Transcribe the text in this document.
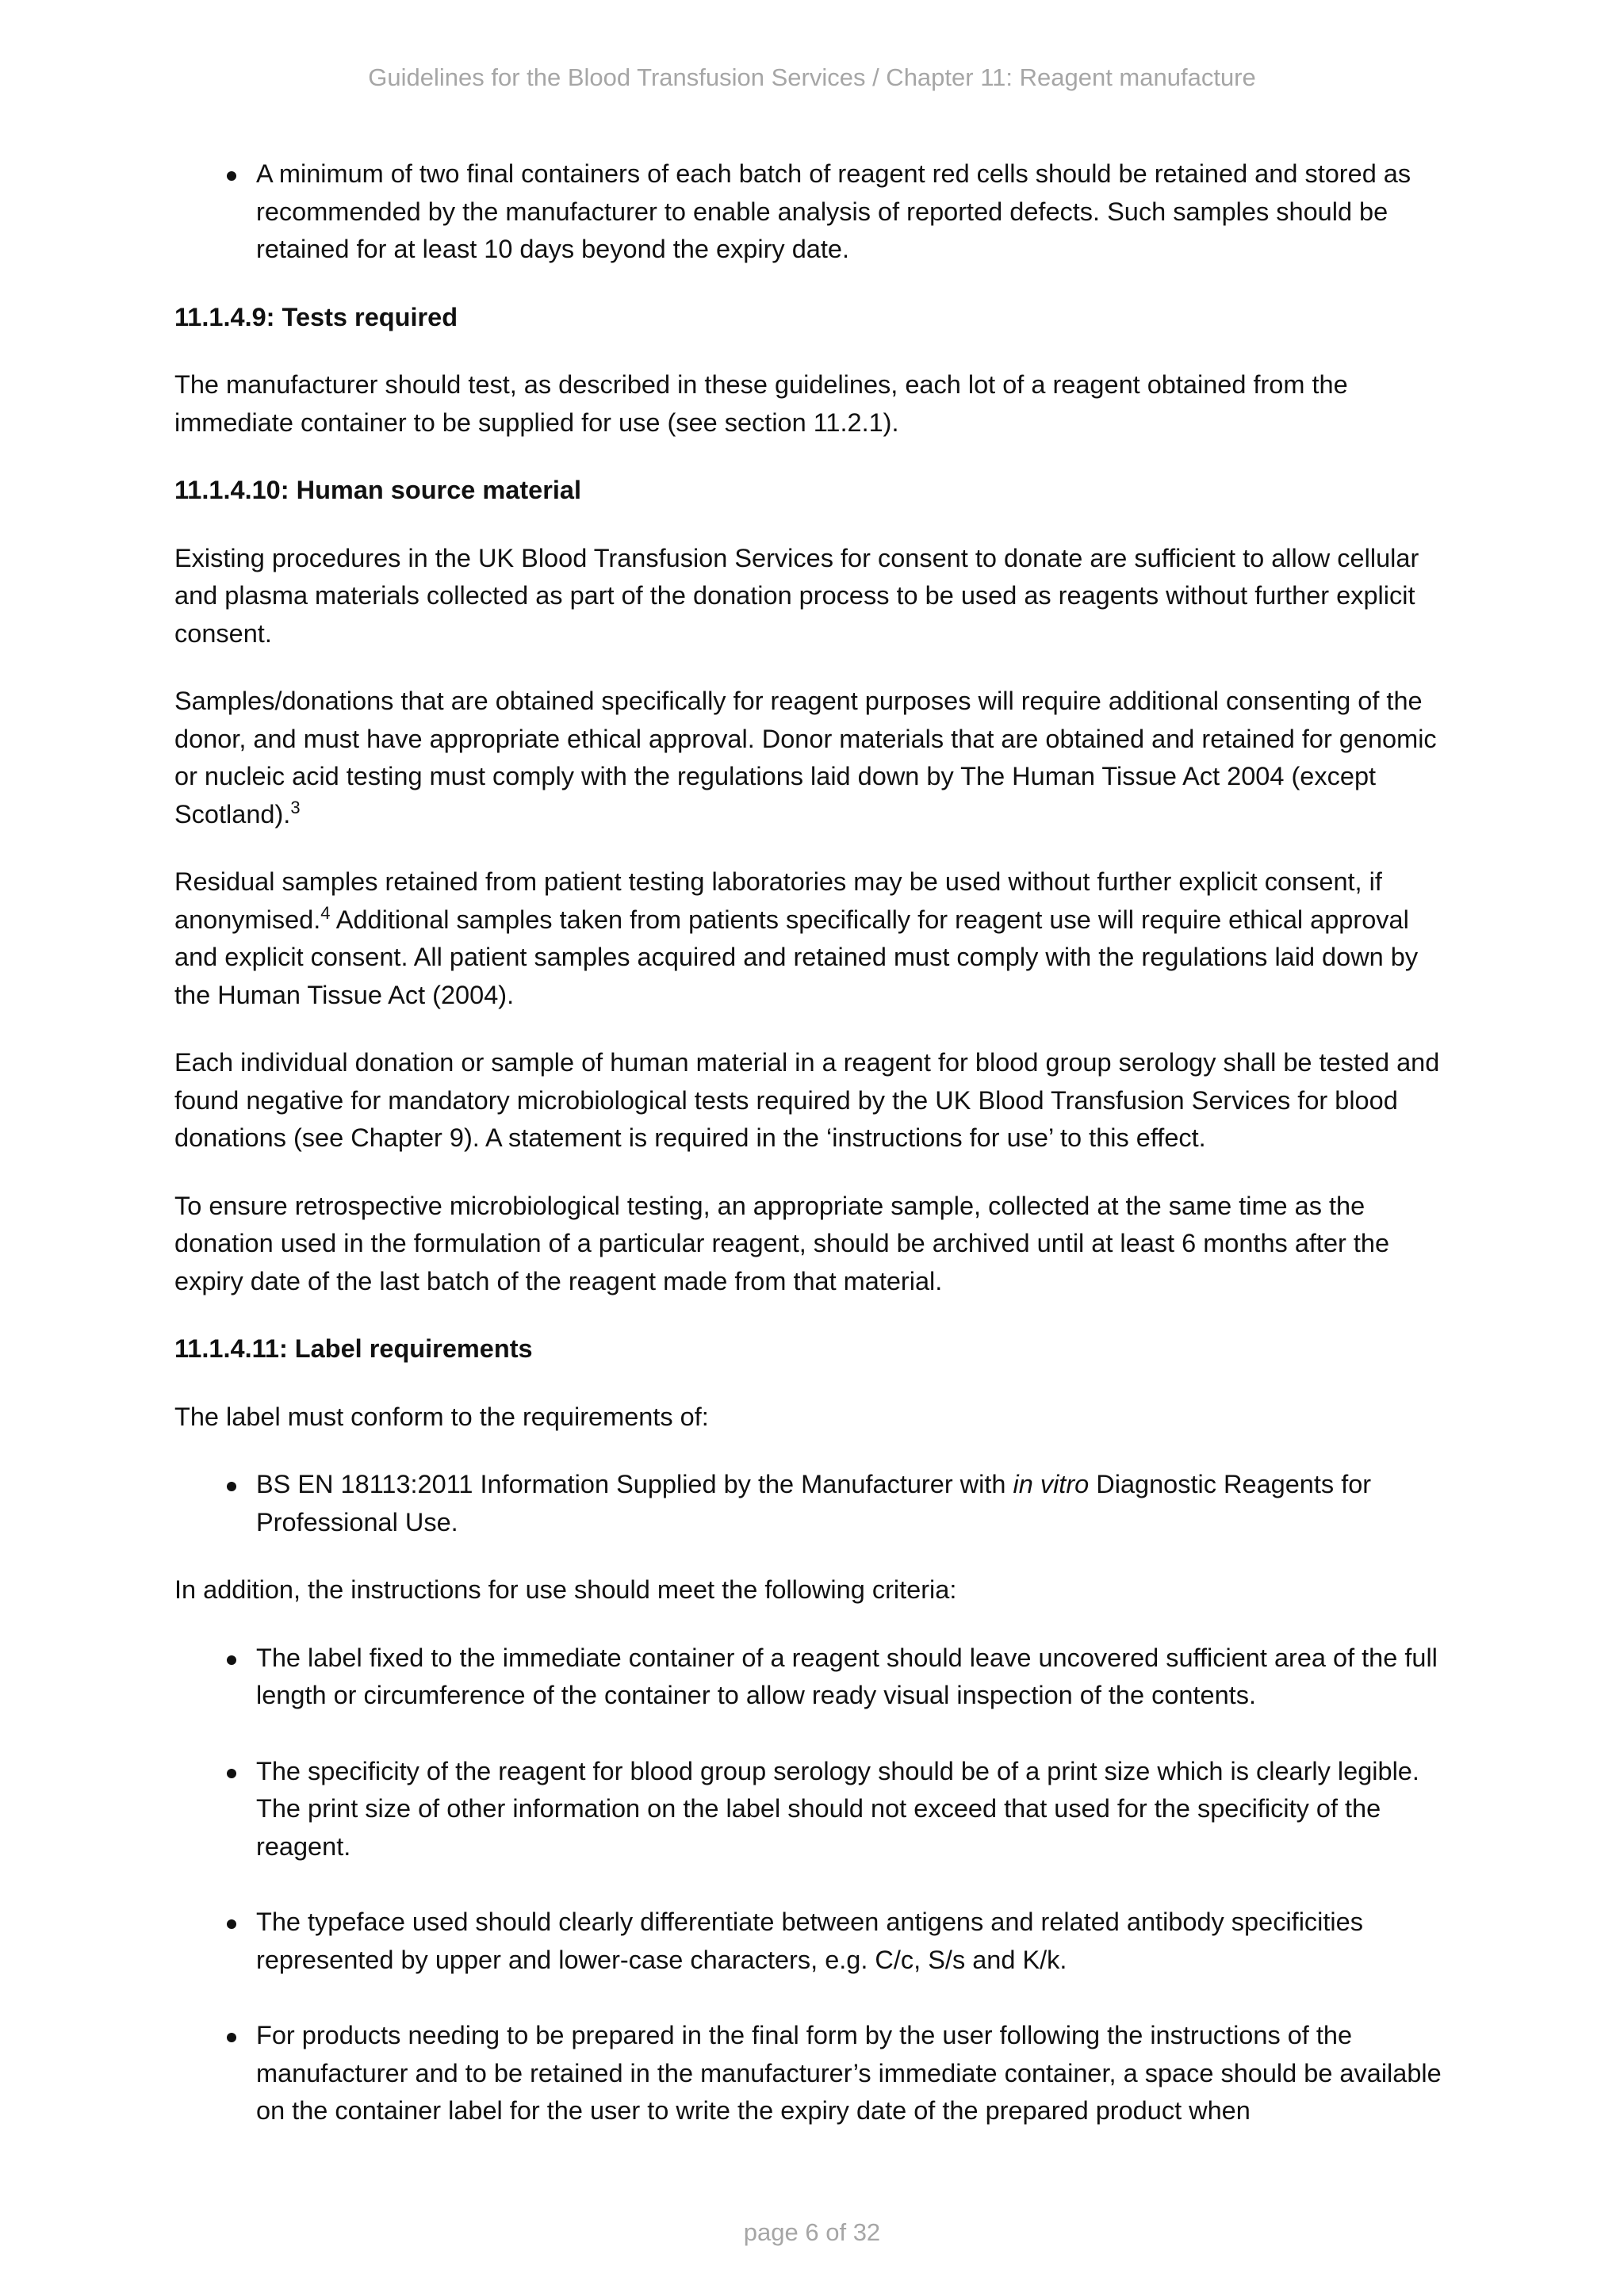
Guidelines for the Blood Transfusion Services / Chapter 11: Reagent manufacture
A minimum of two final containers of each batch of reagent red cells should be retained and stored as recommended by the manufacturer to enable analysis of reported defects. Such samples should be retained for at least 10 days beyond the expiry date.
11.1.4.9: Tests required

The manufacturer should test, as described in these guidelines, each lot of a reagent obtained from the immediate container to be supplied for use (see section 11.2.1).

11.1.4.10: Human source material

Existing procedures in the UK Blood Transfusion Services for consent to donate are sufficient to allow cellular and plasma materials collected as part of the donation process to be used as reagents without further explicit consent.

Samples/donations that are obtained specifically for reagent purposes will require additional consenting of the donor, and must have appropriate ethical approval. Donor materials that are obtained and retained for genomic or nucleic acid testing must comply with the regulations laid down by The Human Tissue Act 2004 (except Scotland).$^3$

Residual samples retained from patient testing laboratories may be used without further explicit consent, if anonymised.$^4$ Additional samples taken from patients specifically for reagent use will require ethical approval and explicit consent. All patient samples acquired and retained must comply with the regulations laid down by the Human Tissue Act (2004).

Each individual donation or sample of human material in a reagent for blood group serology shall be tested and found negative for mandatory microbiological tests required by the UK Blood Transfusion Services for blood donations (see Chapter 9). A statement is required in the ‘instructions for use’ to this effect.

To ensure retrospective microbiological testing, an appropriate sample, collected at the same time as the donation used in the formulation of a particular reagent, should be archived until at least 6 months after the expiry date of the last batch of the reagent made from that material.

11.1.4.11: Label requirements

The label must conform to the requirements of:

BS EN 18113:2011 Information Supplied by the Manufacturer with in vitro Diagnostic Reagents for Professional Use.

In addition, the instructions for use should meet the following criteria:

The label fixed to the immediate container of a reagent should leave uncovered sufficient area of the full length or circumference of the container to allow ready visual inspection of the contents.
The specificity of the reagent for blood group serology should be of a print size which is clearly legible. The print size of other information on the label should not exceed that used for the specificity of the reagent.
The typeface used should clearly differentiate between antigens and related antibody specificities represented by upper and lower-case characters, e.g. C/c, S/s and K/k.
For products needing to be prepared in the final form by the user following the instructions of the manufacturer and to be retained in the manufacturer’s immediate container, a space should be available on the container label for the user to write the expiry date of the prepared product when
page 6 of 32
